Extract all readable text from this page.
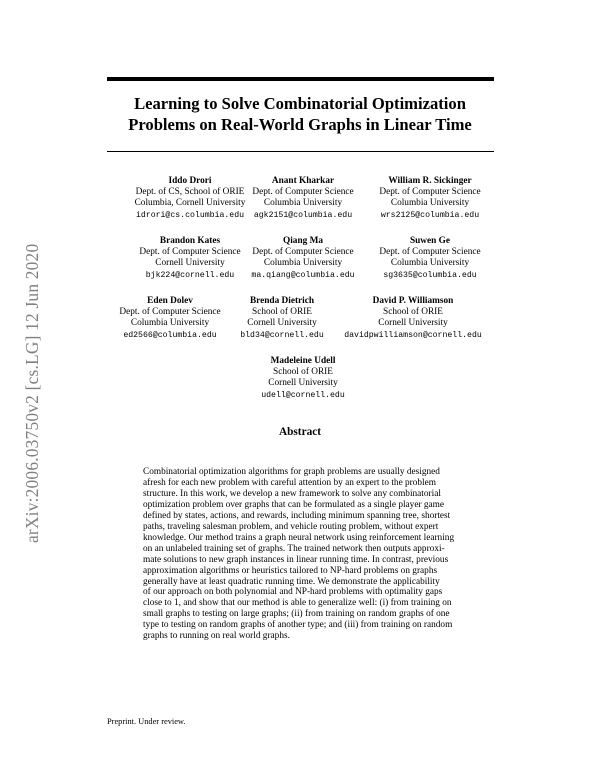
arXiv:2006.03750v2 [cs.LG] 12 Jun 2020
Learning to Solve Combinatorial Optimization
Problems on Real-World Graphs in Linear Time
Iddo Drori
Dept. of CS, School of ORIE
Columbia, Cornell University
idrori@cs.columbia.edu
Anant Kharkar
Dept. of Computer Science
Columbia University
agk2151@columbia.edu
William R. Sickinger
Dept. of Computer Science
Columbia University
wrs2125@columbia.edu
Brandon Kates
Dept. of Computer Science
Cornell University
bjk224@cornell.edu
Qiang Ma
Dept. of Computer Science
Columbia University
ma.qiang@columbia.edu
Suwen Ge
Dept. of Computer Science
Columbia University
sg3635@columbia.edu
Eden Dolev
Dept. of Computer Science
Columbia University
ed2566@columbia.edu
Brenda Dietrich
School of ORIE
Cornell University
bld34@cornell.edu
David P. Williamson
School of ORIE
Cornell University
davidpwilliamson@cornell.edu
Madeleine Udell
School of ORIE
Cornell University
udell@cornell.edu
Abstract
Combinatorial optimization algorithms for graph problems are usually designed
afresh for each new problem with careful attention by an expert to the problem
structure. In this work, we develop a new framework to solve any combinatorial
optimization problem over graphs that can be formulated as a single player game
defined by states, actions, and rewards, including minimum spanning tree, shortest
paths, traveling salesman problem, and vehicle routing problem, without expert
knowledge. Our method trains a graph neural network using reinforcement learning
on an unlabeled training set of graphs. The trained network then outputs approxi-
mate solutions to new graph instances in linear running time. In contrast, previous
approximation algorithms or heuristics tailored to NP-hard problems on graphs
generally have at least quadratic running time. We demonstrate the applicability
of our approach on both polynomial and NP-hard problems with optimality gaps
close to 1, and show that our method is able to generalize well: (i) from training on
small graphs to testing on large graphs; (ii) from training on random graphs of one
type to testing on random graphs of another type; and (iii) from training on random
graphs to running on real world graphs.
Preprint. Under review.
